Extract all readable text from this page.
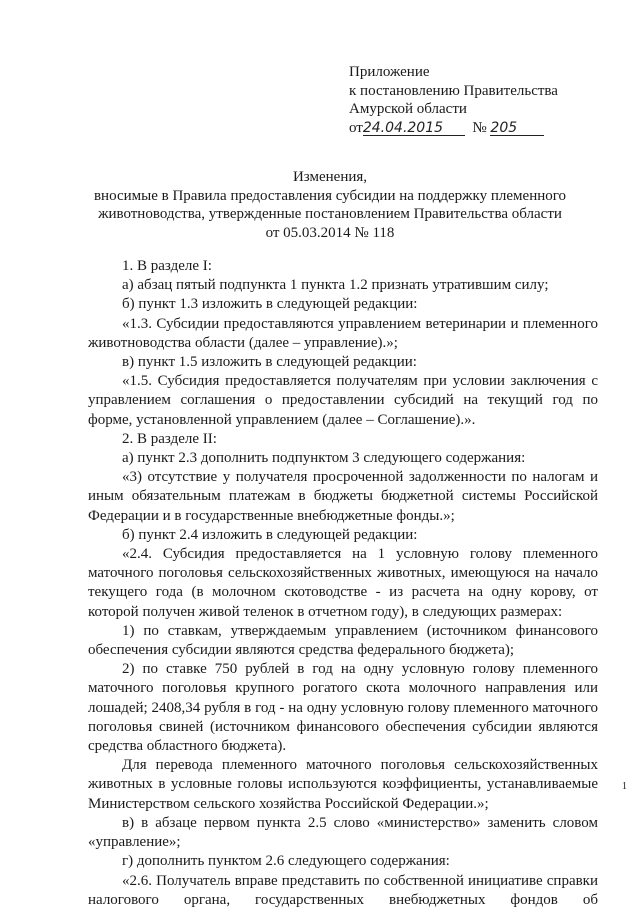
Приложение
к постановлению Правительства
Амурской области
от24.04.2015 № 205
Изменения,
вносимые в Правила предоставления субсидии на поддержку племенного
животноводства, утвержденные постановлением Правительства области
от 05.03.2014 № 118

1. В разделе I:

а) абзац пятый подпункта 1 пункта 1.2 признать утратившим силу;

б) пункт 1.3 изложить в следующей редакции:

«1.3. Субсидии предоставляются управлением ветеринарии и племенного животноводства области (далее – управление).»;

в) пункт 1.5 изложить в следующей редакции:

«1.5. Субсидия предоставляется получателям при условии заключения с управлением соглашения о предоставлении субсидий на текущий год по форме, установленной управлением (далее – Соглашение).».

2. В разделе II:

а) пункт 2.3 дополнить подпунктом 3 следующего содержания:

«3) отсутствие у получателя просроченной задолженности по налогам и иным обязательным платежам в бюджеты бюджетной системы Российской Федерации и в государственные внебюджетные фонды.»;

б) пункт 2.4 изложить в следующей редакции:

«2.4. Субсидия предоставляется на 1 условную голову племенного маточного поголовья сельскохозяйственных животных, имеющуюся на начало текущего года (в молочном скотоводстве - из расчета на одну корову, от которой получен живой теленок в отчетном году), в следующих размерах:

1) по ставкам, утверждаемым управлением (источником финансового обеспечения субсидии являются средства федерального бюджета);

2) по ставке 750 рублей в год на одну условную голову племенного маточного поголовья крупного рогатого скота молочного направления или лошадей; 2408,34 рубля в год - на одну условную голову племенного маточного поголовья свиней (источником финансового обеспечения субсидии являются средства областного бюджета).

Для перевода племенного маточного поголовья сельскохозяйственных животных в условные головы используются коэффициенты, устанавливаемые Министерством сельского хозяйства Российской Федерации.»;

в) в абзаце первом пункта 2.5 слово «министерство» заменить словом «управление»;

г) дополнить пунктом 2.6 следующего содержания:

«2.6. Получатель вправе представить по собственной инициативе справки налогового органа, государственных внебюджетных фондов об

1
